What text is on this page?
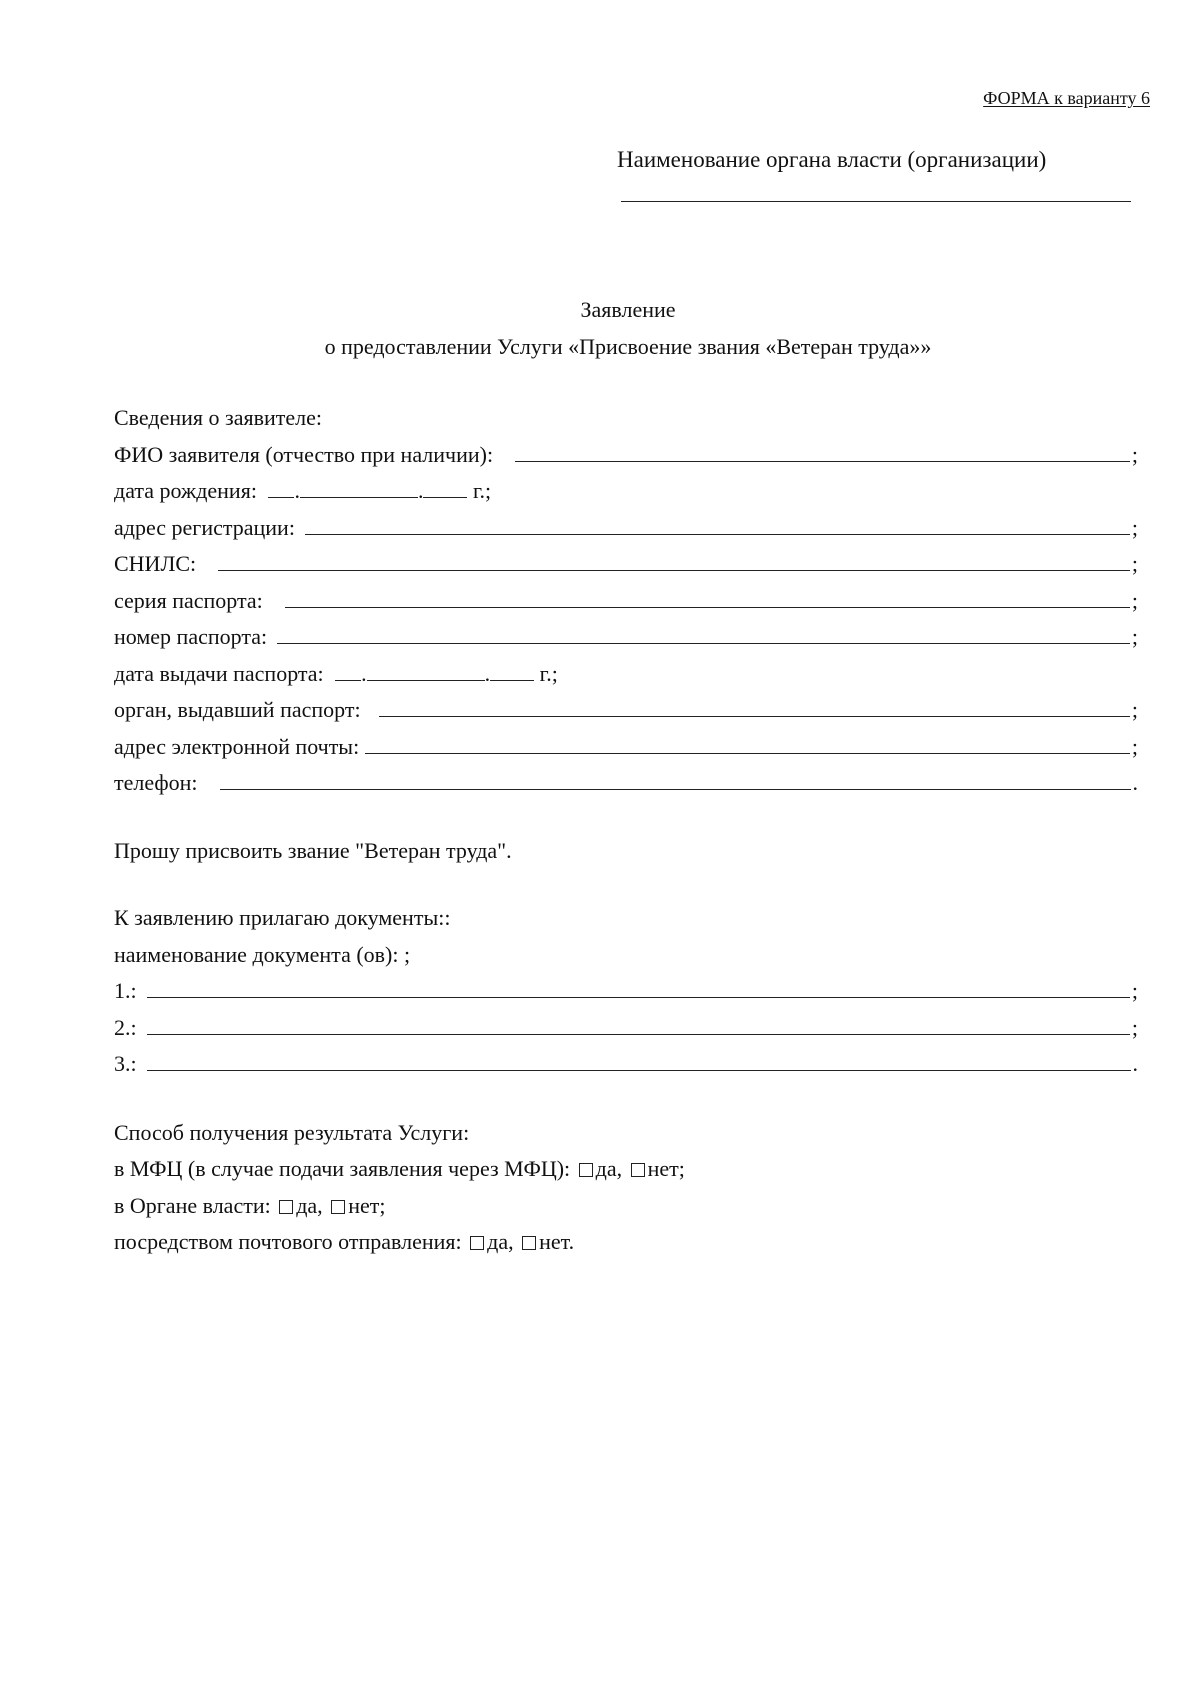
ФОРМА к варианту 6
Наименование органа власти (организации)
Заявление
о предоставлении Услуги «Присвоение звания «Ветеран труда»»
Сведения о заявителе:
ФИО заявителя (отчество при наличии):	;
дата рождения: .	. г.;
адрес регистрации:	;
СНИЛС:	;
серия паспорта:	;
номер паспорта:	;
дата выдачи паспорта: .	. г.;
орган, выдавший паспорт:	;
адрес электронной почты:	;
телефон:	.
Прошу присвоить звание "Ветеран труда".
К заявлению прилагаю документы::
наименование документа (ов): ;
1.:	;
2.:	;
3.:	.
Способ получения результата Услуги:
в МФЦ (в случае подачи заявления через МФЦ): да, нет;
в Органе власти: да, нет;
посредством почтового отправления: да, нет.
